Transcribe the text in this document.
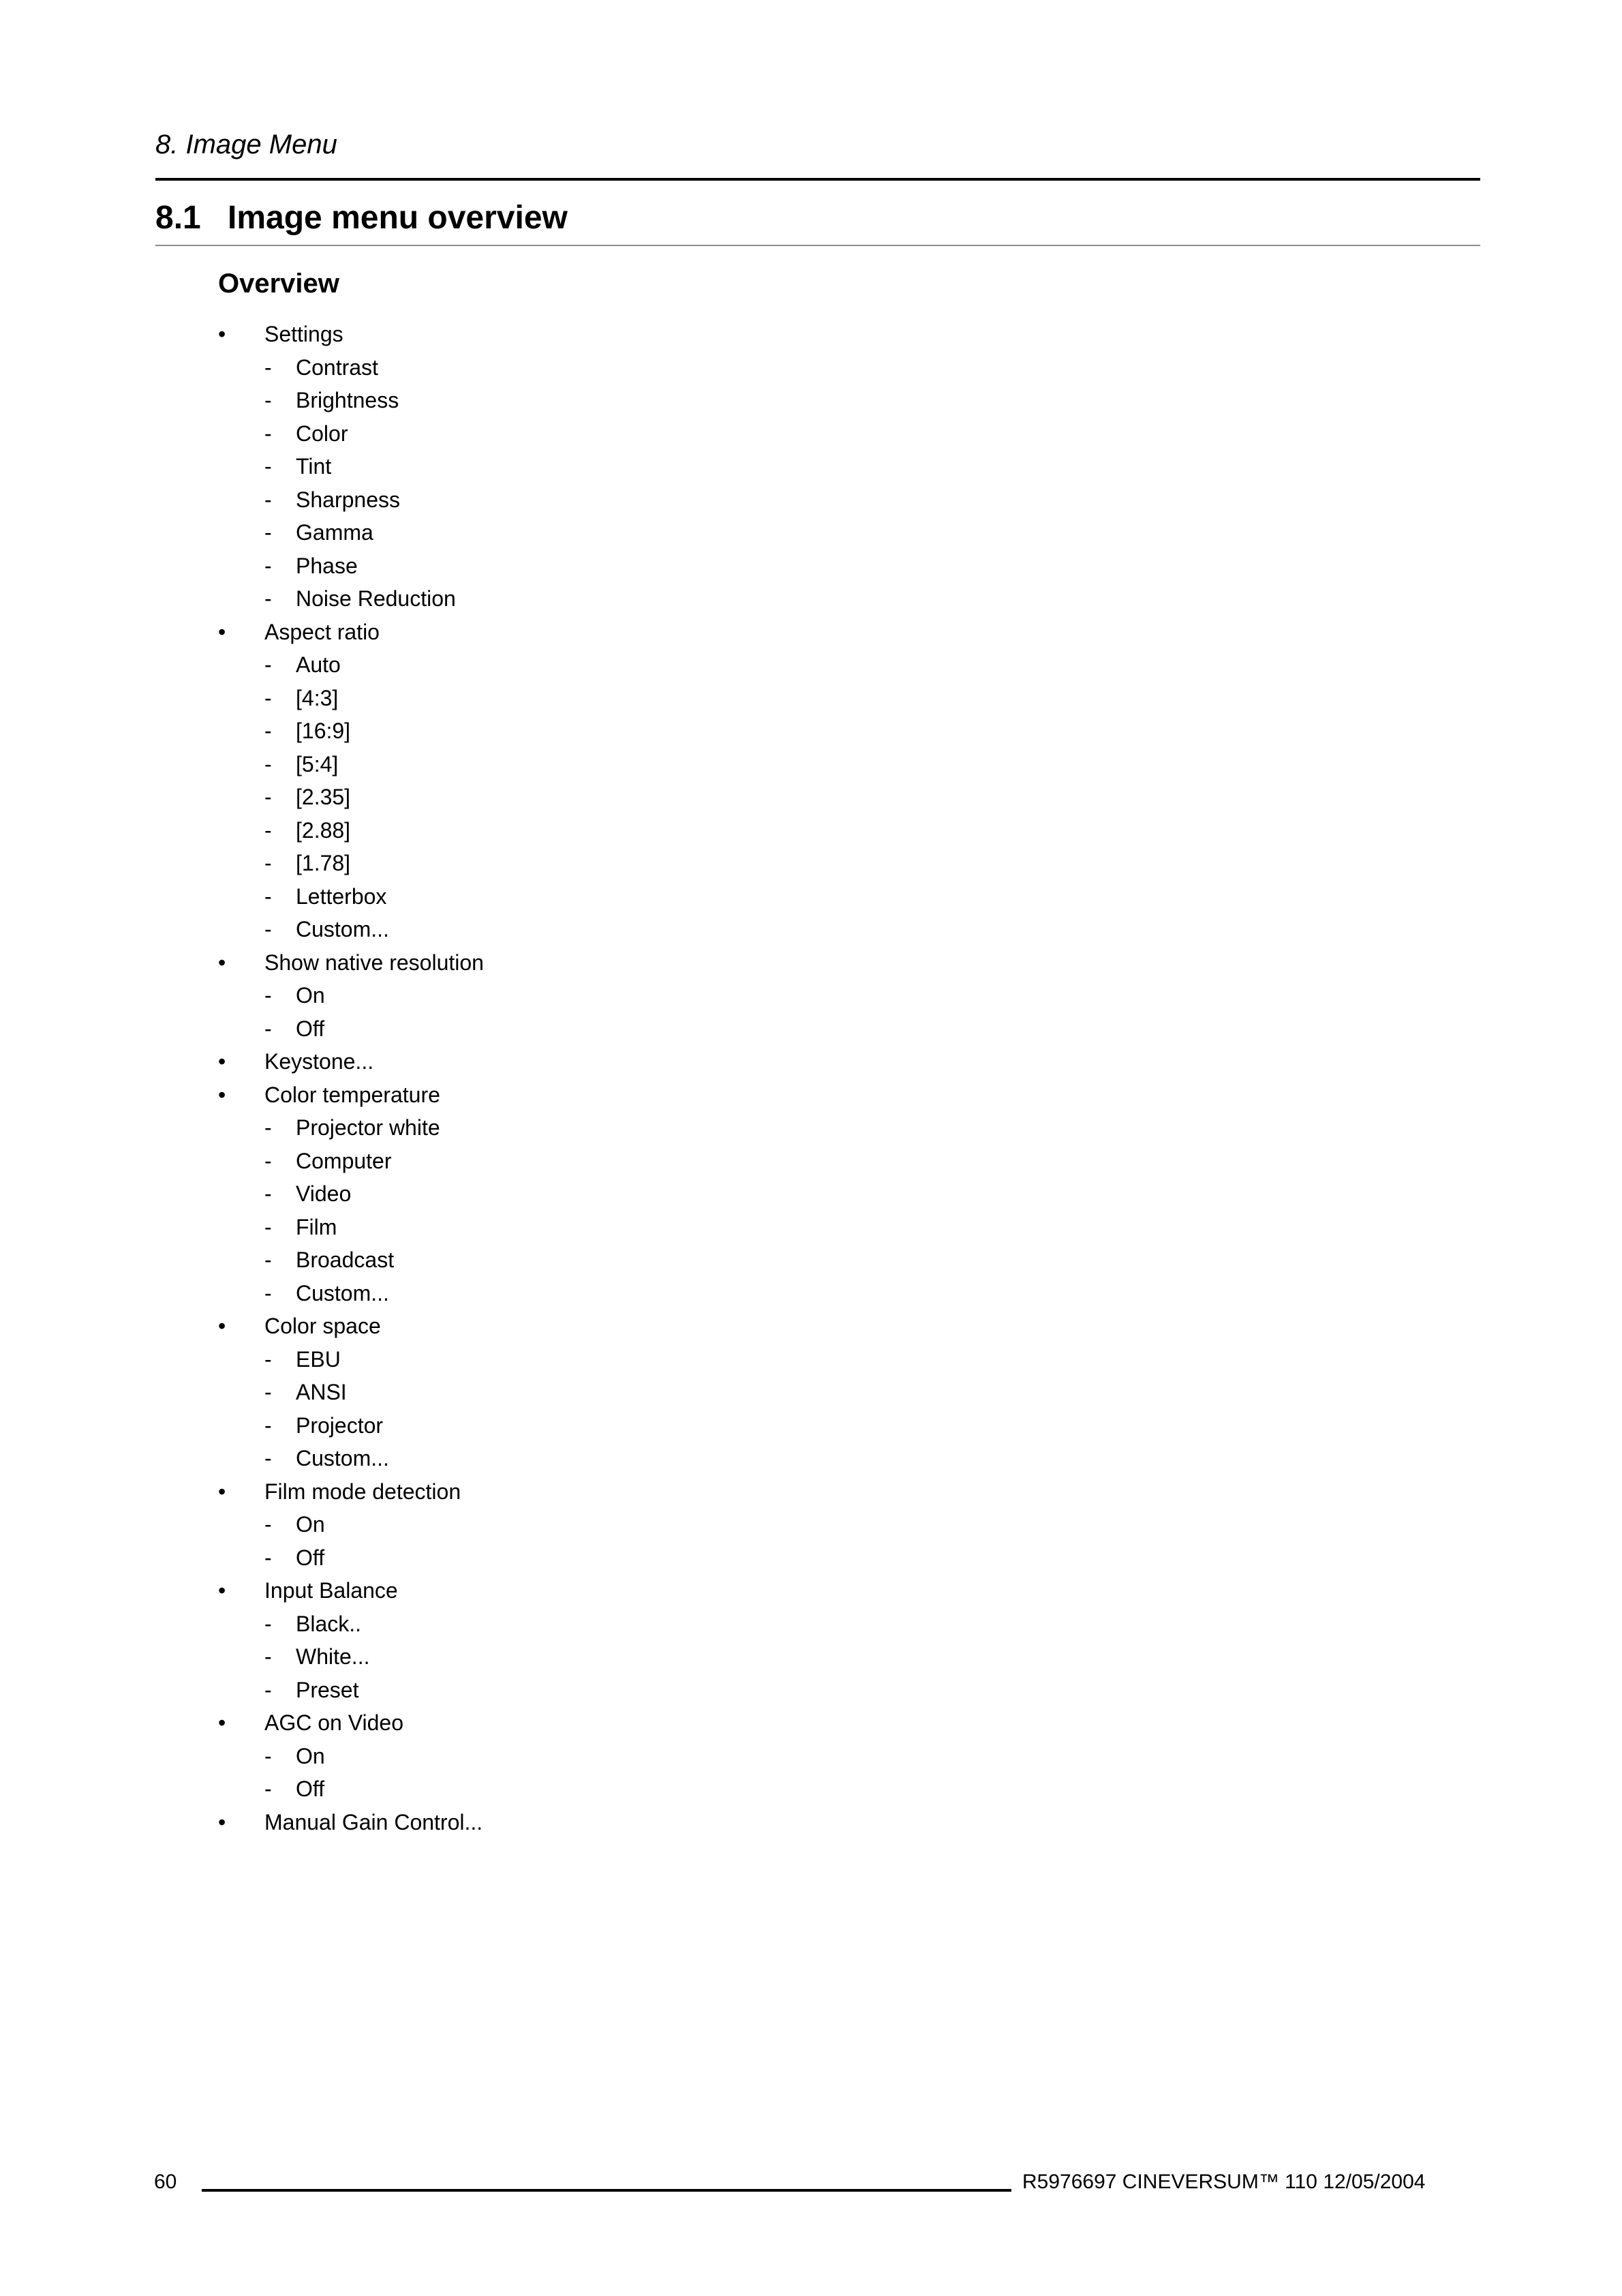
8. Image Menu
8.1 Image menu overview
Overview
•	Settings
- Contrast
- Brightness
- Color
- Tint
- Sharpness
- Gamma
- Phase
- Noise Reduction
•	Aspect ratio
- Auto
- [4:3]
- [16:9]
- [5:4]
- [2.35]
- [2.88]
- [1.78]
- Letterbox
- Custom...
•	Show native resolution
- On
- Off
•	Keystone...
•	Color temperature
- Projector white
- Computer
- Video
- Film
- Broadcast
- Custom...
•	Color space
- EBU
- ANSI
- Projector
- Custom...
•	Film mode detection
- On
- Off
•	Input Balance
- Black..
- White...
- Preset
•	AGC on Video
- On
- Off
•	Manual Gain Control...
60	R5976697 CINEVERSUM™ 110 12/05/2004
